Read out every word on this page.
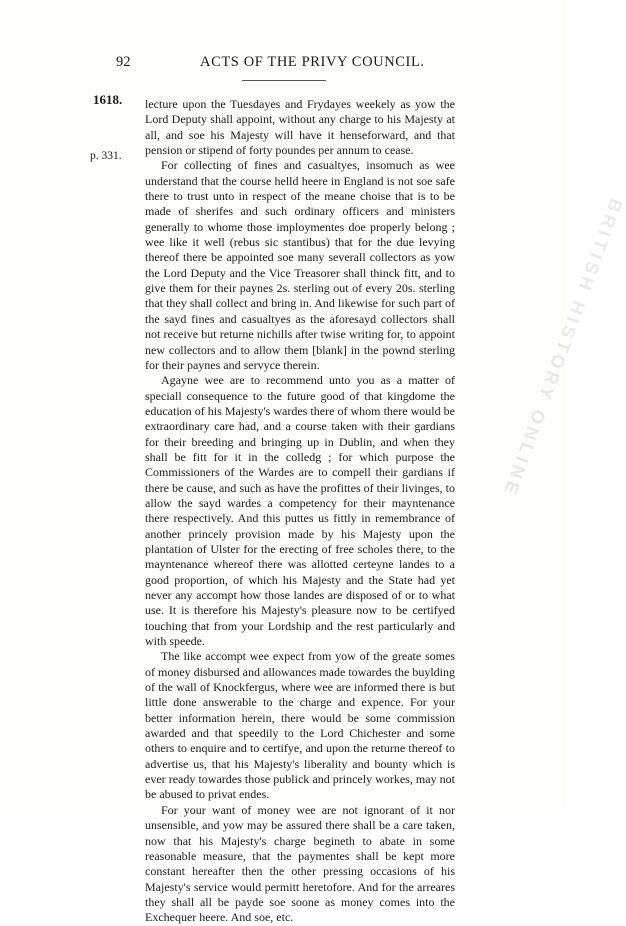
BRITISH HISTORY ONLINE
92	ACTS OF THE PRIVY COUNCIL.
1618.
p. 331.

lecture upon the Tuesdayes and Frydayes weekely as yow the Lord Deputy shall appoint, without any charge to his Majesty at all, and soe his Majesty will have it henseforward, and that pension or stipend of forty poundes per annum to cease.

For collecting of fines and casualtyes, insomuch as wee understand that the course helld heere in England is not soe safe there to trust unto in respect of the meane choise that is to be made of sherifes and such ordinary officers and ministers generally to whome those imploymentes doe properly belong ; wee like it well (rebus sic stantibus) that for the due levying thereof there be appointed soe many severall collectors as yow the Lord Deputy and the Vice Treasorer shall thinck fitt, and to give them for their paynes 2s. sterling out of every 20s. sterling that they shall collect and bring in. And likewise for such part of the sayd fines and casualtyes as the aforesayd collectors shall not receive but returne nichills after twise writing for, to appoint new collectors and to allow them [blank] in the pownd sterling for their paynes and servyce therein.

Agayne wee are to recommend unto you as a matter of speciall consequence to the future good of that kingdome the education of his Majesty's wardes there of whom there would be extraordinary care had, and a course taken with their gardians for their breeding and bringing up in Dublin, and when they shall be fitt for it in the colledg ; for which purpose the Commissioners of the Wardes are to compell their gardians if there be cause, and such as have the profittes of their livinges, to allow the sayd wardes a competency for their mayntenance there respectively. And this puttes us fittly in remembrance of another princely provision made by his Majesty upon the plantation of Ulster for the erecting of free scholes there, to the mayntenance whereof there was allotted certeyne landes to a good proportion, of which his Majesty and the State had yet never any accompt how those landes are disposed of or to what use. It is therefore his Majesty's pleasure now to be certifyed touching that from your Lordship and the rest particularly and with speede.

The like accompt wee expect from yow of the greate somes of money disbursed and allowances made towardes the buylding of the wall of Knockfergus, where wee are informed there is but little done answerable to the charge and expence. For your better information herein, there would be some commission awarded and that speedily to the Lord Chichester and some others to enquire and to certifye, and upon the returne thereof to advertise us, that his Majesty's liberality and bounty which is ever ready towardes those publick and princely workes, may not be abused to privat endes.

For your want of money wee are not ignorant of it nor unsensible, and yow may be assured there shall be a care taken, now that his Majesty's charge begineth to abate in some reasonable measure, that the paymentes shall be kept more constant hereafter then the other pressing occasions of his Majesty's service would permitt heretofore. And for the arreares they shall all be payde soe soone as money comes into the Exchequer heere. And soe, etc.
